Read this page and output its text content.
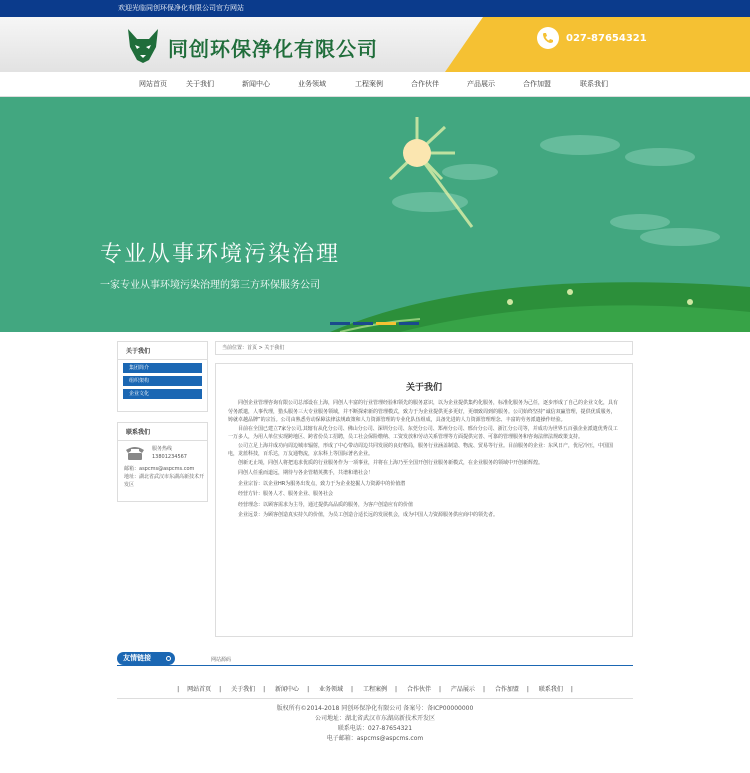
欢迎光临同创环保净化有限公司官方网站
同创环保净化有限公司	027-87654321
网站首页	关于我们	新闻中心	业务领域	工程案例	合作伙伴	产品展示	合作加盟	联系我们
专业从事环境污染治理

一家专业从事环境污染治理的第三方环保服务公司

关于我们
集团简介
组织架构
企业文化
联系我们
服务热线
13801234567
邮箱：aspcms@aspcms.com
地址：湖北省武汉市东湖高新技术开发区
当前位置：首页 > 关于我们
关于我们

同创企业管理咨询有限公司总部设在上海，同创人丰富的行业管理经验和领先的服务意识，以为企业提供集约化服务，标准化服务为己任，逐步形成了自己的企业文化，具有劳务派遣，人事代理，猎头服务三大专业服务领域，并不断探索新的管理模式，致力于为企业提供更多更好，更细致周到的服务。公司始终坚持“诚信双赢管理，提供优质服务，铸就卓越品牌”的宗旨。公司由熟悉劳动保障法律法规政策和人力资源管理的专业化队伍组成，具备先进的人力资源管理理念、丰富的劳务派遣操作经验。

目前在全国已建立7家分公司,其辖有从化分公司、佛山分公司、深圳分公司、东莞分公司、郑州分公司、邢台分公司、浙江分公司等，并成功为世界五百强企业派遣优秀员工一万多人，为用人单位实现跨地区、跨省份员工招聘，员工社会保险缴纳、工资发放和劳动关系管理等方面提供完善、可靠的管理服务和咨询法律法规政策支持。

公司立足上海并成功向周边城市辐射，形成了中心带动周边共同发展的良好格局，服务行业涵盖制造、物流、贸易等行业。目前服务的企业：东风日产，优尼冷压，中国国电，龙蓝科技，百乐达，万友通物流，京东科上等国际著名企业。

创新无止境，同创人将把追求优质的行业服务作为一项事业，并将在上海乃至全国开创行业服务新模式，在企业服务的领域中开创新辉煌。

同创人任重而道远，期待与各企管精英携手，共谱和谐社会！

企业宗旨：以企业HR为服务出发点，致力于为企业挖掘人力资源中的价值潜

经营方针：服务人才、服务企业、服务社会

经营理念：以顾客需求为主导，通过提供高品质的服务，为客户创造应有的价值

企业远景：为顾客创造真实持久的价值，为员工创造合适长远的发展机会，成为中国人力资源服务供应商中的领先者。

友情链接	网站源码
| 网站首页 | 关于我们 | 新闻中心 | 业务领域 | 工程案例 | 合作伙伴 | 产品展示 | 合作加盟 | 联系我们 |
版权所有©2014-2018 同创环保净化有限公司 备案号：备ICP00000000
公司地址：湖北省武汉市东湖高新技术开发区
联系电话：027-87654321
电子邮箱：aspcms@aspcms.com
